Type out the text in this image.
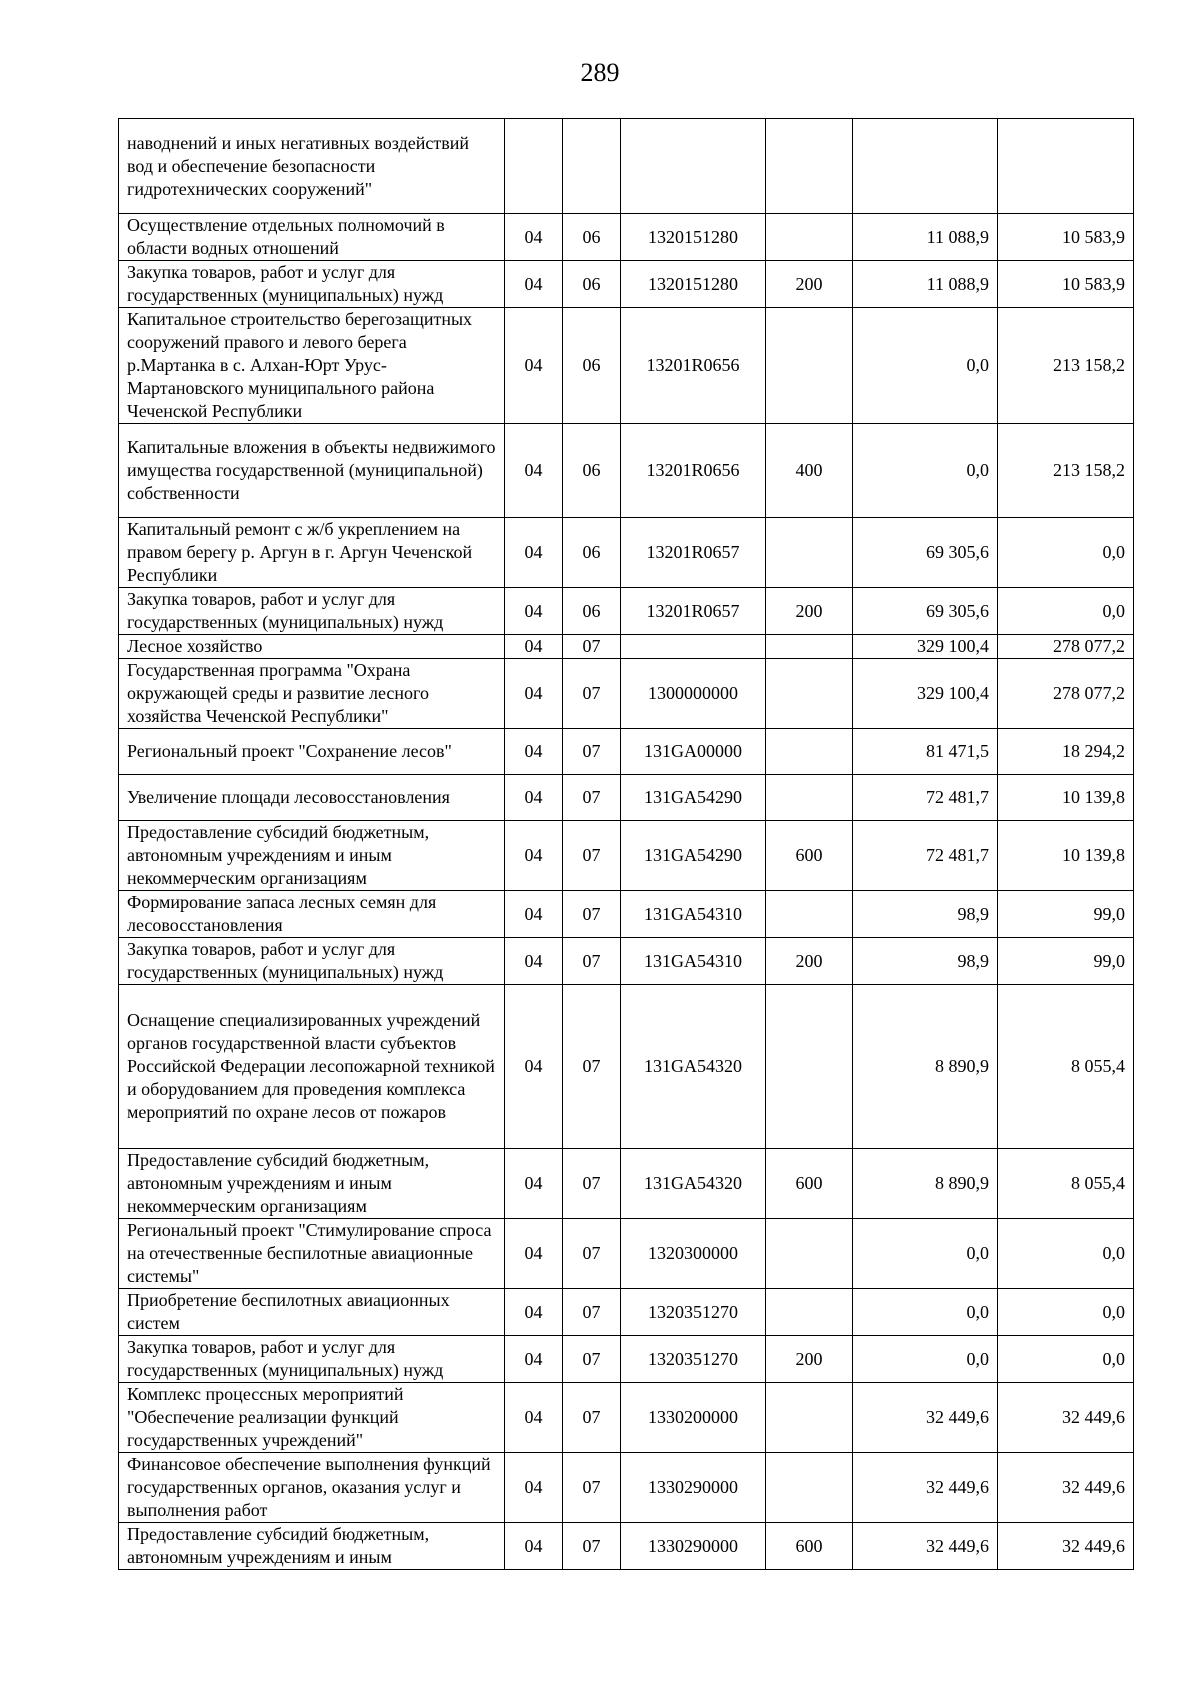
289
наводнений и иных негативных воздействий вод и обеспечение безопасности гидротехнических сооружений"						
Осуществление отдельных полномочий в области водных отношений	04	06	1320151280		11 088,9	10 583,9
Закупка товаров, работ и услуг для государственных (муниципальных) нужд	04	06	1320151280	200	11 088,9	10 583,9
Капитальное строительство берегозащитных сооружений правого и левого берега р.Мартанка в с. Алхан-Юрт Урус-Мартановского муниципального района Чеченской Республики	04	06	13201R0656		0,0	213 158,2
Капитальные вложения в объекты недвижимого имущества государственной (муниципальной) собственности	04	06	13201R0656	400	0,0	213 158,2
Капитальный ремонт с ж/б укреплением на правом берегу р. Аргун в г. Аргун Чеченской Республики	04	06	13201R0657		69 305,6	0,0
Закупка товаров, работ и услуг для государственных (муниципальных) нужд	04	06	13201R0657	200	69 305,6	0,0
Лесное хозяйство	04	07			329 100,4	278 077,2
Государственная программа "Охрана окружающей среды и развитие лесного хозяйства Чеченской Республики"	04	07	1300000000		329 100,4	278 077,2
Региональный проект "Сохранение лесов"	04	07	131GA00000		81 471,5	18 294,2
Увеличение площади лесовосстановления	04	07	131GA54290		72 481,7	10 139,8
Предоставление субсидий бюджетным, автономным учреждениям и иным некоммерческим организациям	04	07	131GA54290	600	72 481,7	10 139,8
Формирование запаса лесных семян для лесовосстановления	04	07	131GA54310		98,9	99,0
Закупка товаров, работ и услуг для государственных (муниципальных) нужд	04	07	131GA54310	200	98,9	99,0
Оснащение специализированных учреждений органов государственной власти субъектов Российской Федерации лесопожарной техникой и оборудованием для проведения комплекса мероприятий по охране лесов от пожаров	04	07	131GA54320		8 890,9	8 055,4
Предоставление субсидий бюджетным, автономным учреждениям и иным некоммерческим организациям	04	07	131GA54320	600	8 890,9	8 055,4
Региональный проект "Стимулирование спроса на отечественные беспилотные авиационные системы"	04	07	1320300000		0,0	0,0
Приобретение беспилотных авиационных систем	04	07	1320351270		0,0	0,0
Закупка товаров, работ и услуг для государственных (муниципальных) нужд	04	07	1320351270	200	0,0	0,0
Комплекс процессных мероприятий "Обеспечение реализации функций государственных учреждений"	04	07	1330200000		32 449,6	32 449,6
Финансовое обеспечение выполнения функций государственных органов, оказания услуг и выполнения работ	04	07	1330290000		32 449,6	32 449,6
Предоставление субсидий бюджетным, автономным учреждениям и иным	04	07	1330290000	600	32 449,6	32 449,6
